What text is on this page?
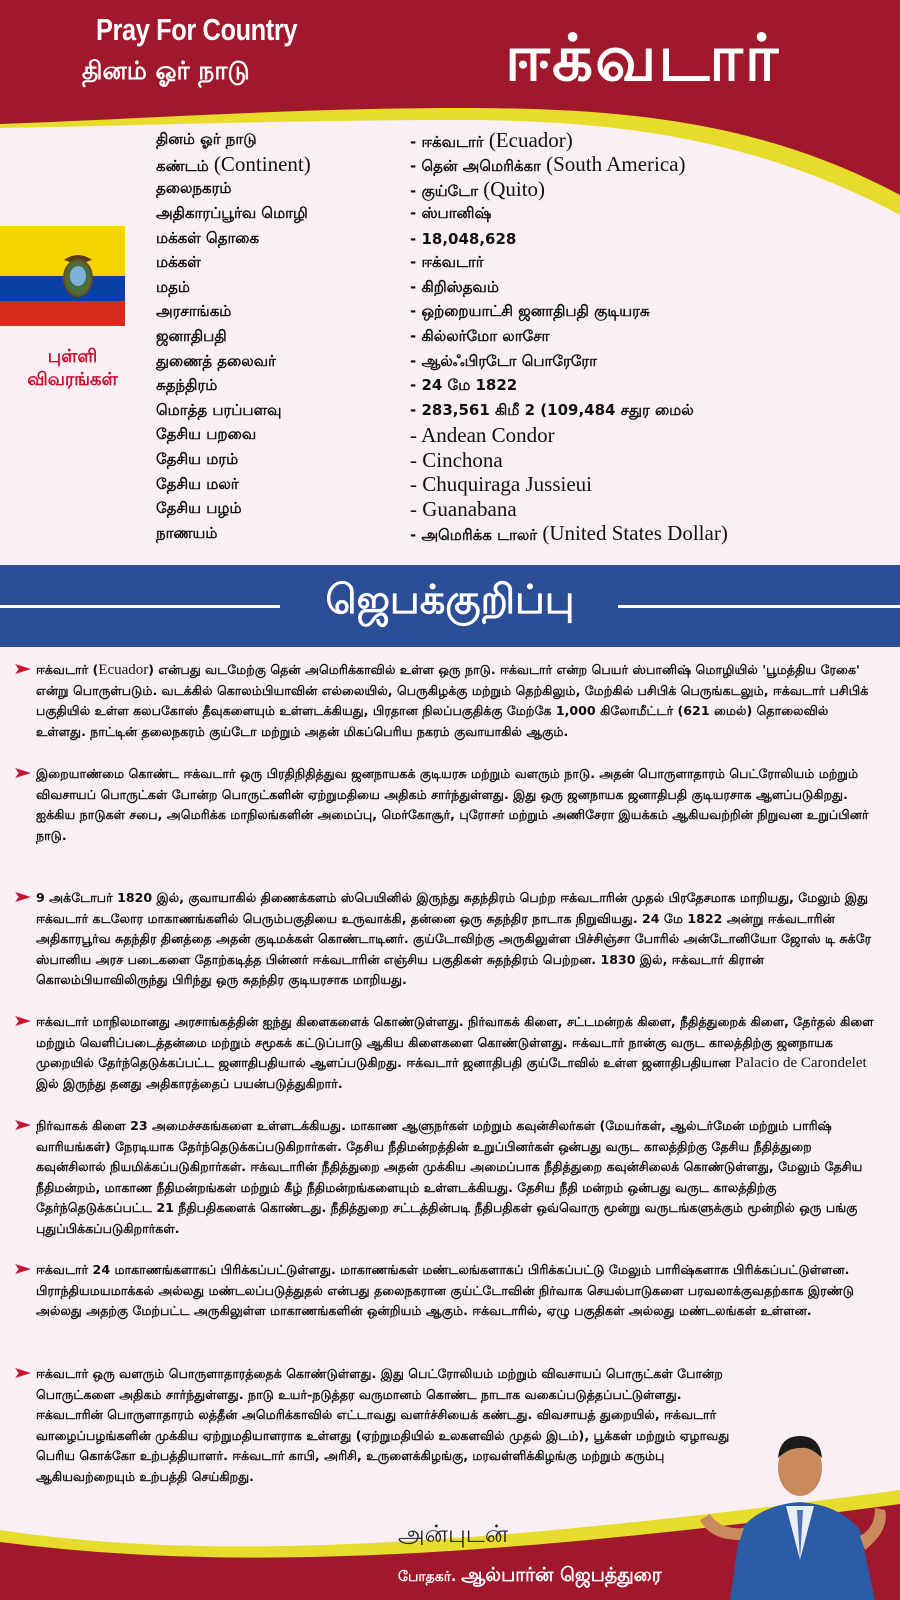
Pray For Country
தினம் ஓர் நாடு	ஈக்வடார்
புள்ளி
விவரங்கள்
தினம் ஓர் நாடு	- ஈக்வடார் (Ecuador)
கண்டம் (Continent)	- தென் அமெரிக்கா (South America)
தலைநகரம்	- குய்டோ (Quito)
அதிகாரப்பூர்வ மொழி	- ஸ்பானிஷ்
மக்கள் தொகை	- 18,048,628
மக்கள்	- ஈக்வடார்
மதம்	- கிறிஸ்தவம்
அரசாங்கம்	- ஒற்றையாட்சி ஜனாதிபதி குடியரசு
ஜனாதிபதி	- கில்லர்மோ லாசோ
துணைத் தலைவர்	- ஆல்ஃபிரடோ பொரேரோ
சுதந்திரம்	- 24 மே 1822
மொத்த பரப்பளவு	- 283,561 கிமீ 2 (109,484 சதுர மைல்
தேசிய பறவை	- Andean Condor
தேசிய மரம்	- Cinchona
தேசிய மலர்	- Chuquiraga Jussieui
தேசிய பழம்	- Guanabana
நாணயம்	- அமெரிக்க டாலர் (United States Dollar)
ஜெபக்குறிப்பு
ஈக்வடார் (Ecuador) என்பது வடமேற்கு தென் அமெரிக்காவில் உள்ள ஒரு நாடு. ஈக்வடார் என்ற பெயர் ஸ்பானிஷ் மொழியில் 'பூமத்திய ரேகை' என்று பொருள்படும். வடக்கில் கொலம்பியாவின் எல்லையில், பெருகிழக்கு மற்றும் தெற்கிலும், மேற்கில் பசிபிக் பெருங்கடலும், ஈக்வடார் பசிபிக் பகுதியில் உள்ள கலபகோஸ் தீவுகளையும் உள்ளடக்கியது, பிரதான நிலப்பகுதிக்கு மேற்கே 1,000 கிலோமீட்டர் (621 மைல்) தொலைவில் உள்ளது. நாட்டின் தலைநகரம் குய்டோ மற்றும் அதன் மிகப்பெரிய நகரம் குவாயாகில் ஆகும்.
இறையாண்மை கொண்ட ஈக்வடார் ஒரு பிரதிநிதித்துவ ஜனநாயகக் குடியரசு மற்றும் வளரும் நாடு. அதன் பொருளாதாரம் பெட்ரோலியம் மற்றும் விவசாயப் பொருட்கள் போன்ற பொருட்களின் ஏற்றுமதியை அதிகம் சார்ந்துள்ளது. இது ஒரு ஜனநாயக ஜனாதிபதி குடியரசாக ஆளப்படுகிறது. ஐக்கிய நாடுகள் சபை, அமெரிக்க மாநிலங்களின் அமைப்பு, மெர்கோசூர், புரோசர் மற்றும் அணிசேரா இயக்கம் ஆகியவற்றின் நிறுவன உறுப்பினர் நாடு.
9 அக்டோபர் 1820 இல், குவாயாகில் திணைக்களம் ஸ்பெயினில் இருந்து சுதந்திரம் பெற்ற ஈக்வடாரின் முதல் பிரதேசமாக மாறியது, மேலும் இது ஈக்வடார் கடலோர மாகாணங்களில் பெரும்பகுதியை உருவாக்கி, தன்னை ஒரு சுதந்திர நாடாக நிறுவியது. 24 மே 1822 அன்று ஈக்வடாரின் அதிகாரபூர்வ சுதந்திர தினத்தை அதன் குடிமக்கள் கொண்டாடினர். குய்டோவிற்கு அருகிலுள்ள பிச்சிஞ்சா போரில் அன்டோனியோ ஜோஸ் டி சுக்ரே ஸ்பானிய அரச படைகளை தோற்கடித்த பின்னர் ஈக்வடாரின் எஞ்சிய பகுதிகள் சுதந்திரம் பெற்றன. 1830 இல், ஈக்வடார் கிரான் கொலம்பியாவிலிருந்து பிரிந்து ஒரு சுதந்திர குடியரசாக மாறியது.
ஈக்வடார் மாநிலமானது அரசாங்கத்தின் ஐந்து கிளைகளைக் கொண்டுள்ளது. நிர்வாகக் கிளை, சட்டமன்றக் கிளை, நீதித்துறைக் கிளை, தேர்தல் கிளை மற்றும் வெளிப்படைத்தன்மை மற்றும் சமூகக் கட்டுப்பாடு ஆகிய கிளைகளை கொண்டுள்ளது. ஈக்வடார் நான்கு வருட காலத்திற்கு ஜனநாயக முறையில் தேர்ந்தெடுக்கப்பட்ட ஜனாதிபதியால் ஆளப்படுகிறது. ஈக்வடார் ஜனாதிபதி குய்டோவில் உள்ள ஜனாதிபதியான Palacio de Carondelet இல் இருந்து தனது அதிகாரத்தைப் பயன்படுத்துகிறார்.
நிர்வாகக் கிளை 23 அமைச்சகங்களை உள்ளடக்கியது. மாகாண ஆளுநர்கள் மற்றும் கவுன்சிலர்கள் (மேயர்கள், ஆல்டர்மேன் மற்றும் பாரிஷ் வாரியங்கள்) நேரடியாக தேர்ந்தெடுக்கப்படுகிறார்கள். தேசிய நீதிமன்றத்தின் உறுப்பினர்கள் ஒன்பது வருட காலத்திற்கு தேசிய நீதித்துறை கவுன்சிலால் நியமிக்கப்படுகிறார்கள். ஈக்வடாரின் நீதித்துறை அதன் முக்கிய அமைப்பாக நீதித்துறை கவுன்சிலைக் கொண்டுள்ளது, மேலும் தேசிய நீதிமன்றம், மாகாண நீதிமன்றங்கள் மற்றும் கீழ் நீதிமன்றங்களையும் உள்ளடக்கியது. தேசிய நீதி மன்றம் ஒன்பது வருட காலத்திற்கு தேர்ந்தெடுக்கப்பட்ட 21 நீதிபதிகளைக் கொண்டது. நீதித்துறை சட்டத்தின்படி நீதிபதிகள் ஒவ்வொரு மூன்று வருடங்களுக்கும் மூன்றில் ஒரு பங்கு புதுப்பிக்கப்படுகிறார்கள்.
ஈக்வடார் 24 மாகாணங்களாகப் பிரிக்கப்பட்டுள்ளது. மாகாணங்கள் மண்டலங்களாகப் பிரிக்கப்பட்டு மேலும் பாரிஷ்களாக பிரிக்கப்பட்டுள்ளன. பிராந்தியமயமாக்கல் அல்லது மண்டலப்படுத்துதல் என்பது தலைநகரான குய்ட்டோவின் நிர்வாக செயல்பாடுகளை பரவலாக்குவதற்காக இரண்டு அல்லது அதற்கு மேற்பட்ட அருகிலுள்ள மாகாணங்களின் ஒன்றியம் ஆகும். ஈக்வடாரில், ஏழு பகுதிகள் அல்லது மண்டலங்கள் உள்ளன.
ஈக்வடார் ஒரு வளரும் பொருளாதாரத்தைக் கொண்டுள்ளது. இது பெட்ரோலியம் மற்றும் விவசாயப் பொருட்கள் போன்ற பொருட்களை அதிகம் சார்ந்துள்ளது. நாடு உயர்-நடுத்தர வருமானம் கொண்ட நாடாக வகைப்படுத்தப்பட்டுள்ளது. ஈக்வடாரின் பொருளாதாரம் லத்தீன் அமெரிக்காவில் எட்டாவது வளர்ச்சியைக் கண்டது. விவசாயத் துறையில், ஈக்வடார் வாழைப்பழங்களின் முக்கிய ஏற்றுமதியாளராக உள்ளது (ஏற்றுமதியில் உலகளவில் முதல் இடம்), பூக்கள் மற்றும் ஏழாவது பெரிய கொக்கோ உற்பத்தியாளர். ஈக்வடார் காபி, அரிசி, உருளைக்கிழங்கு, மரவள்ளிக்கிழங்கு மற்றும் கரும்பு ஆகியவற்றையும் உற்பத்தி செய்கிறது.
அன்புடன்
போதகர். ஆல்பார்ன் ஜெபத்துரை
